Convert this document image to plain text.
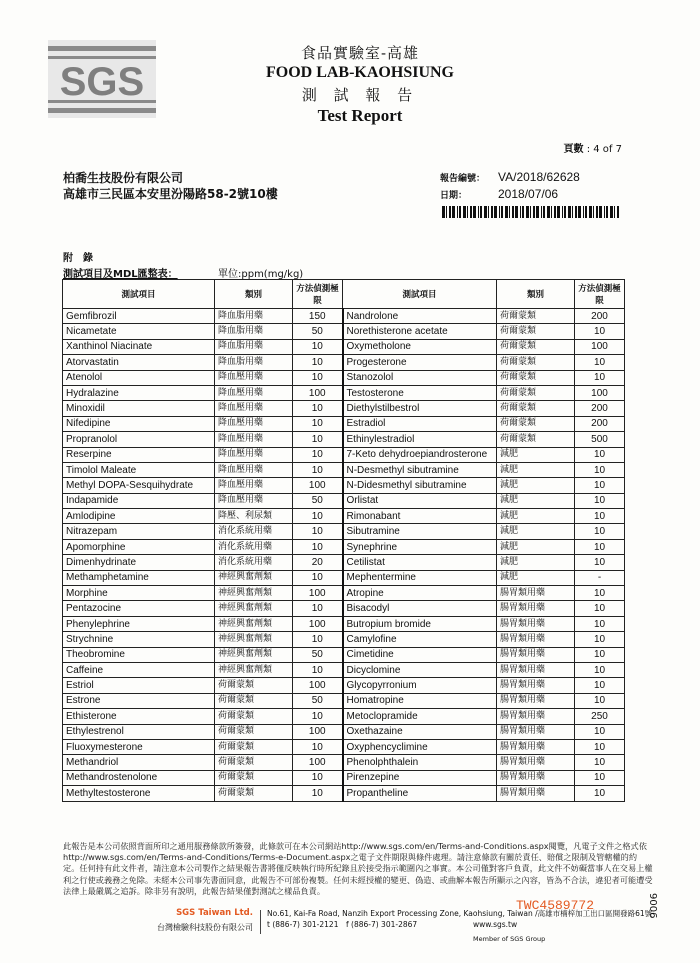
SGS
食品實驗室-高雄
FOOD LAB-KAOHSIUNG
測 試 報 告
Test Report
頁數 : 4 of 7
柏喬生技股份有限公司
高雄市三民區本安里汾陽路58-2號10樓
報告編號： VA/2018/62628
日期：	2018/07/06
附　錄
測試項目及MDL匯整表：	單位:ppm(mg/kg)
測試項目	類別	方法偵測極限	測試項目	類別	方法偵測極限
Gemfibrozil	降血脂用藥	150	Nandrolone	荷爾蒙類	200
Nicametate	降血脂用藥	50	Norethisterone acetate	荷爾蒙類	10
Xanthinol Niacinate	降血脂用藥	10	Oxymetholone	荷爾蒙類	100
Atorvastatin	降血脂用藥	10	Progesterone	荷爾蒙類	10
Atenolol	降血壓用藥	10	Stanozolol	荷爾蒙類	10
Hydralazine	降血壓用藥	100	Testosterone	荷爾蒙類	100
Minoxidil	降血壓用藥	10	Diethylstilbestrol	荷爾蒙類	200
Nifedipine	降血壓用藥	10	Estradiol	荷爾蒙類	200
Propranolol	降血壓用藥	10	Ethinylestradiol	荷爾蒙類	500
Reserpine	降血壓用藥	10	7-Keto dehydroepiandrosterone	減肥	10
Timolol Maleate	降血壓用藥	10	N-Desmethyl sibutramine	減肥	10
Methyl DOPA-Sesquihydrate	降血壓用藥	100	N-Didesmethyl sibutramine	減肥	10
Indapamide	降血壓用藥	50	Orlistat	減肥	10
Amlodipine	降壓、利尿類	10	Rimonabant	減肥	10
Nitrazepam	消化系統用藥	10	Sibutramine	減肥	10
Apomorphine	消化系統用藥	10	Synephrine	減肥	10
Dimenhydrinate	消化系統用藥	20	Cetilistat	減肥	10
Methamphetamine	神經興奮劑類	10	Mephentermine	減肥	-
Morphine	神經興奮劑類	100	Atropine	腸胃類用藥	10
Pentazocine	神經興奮劑類	10	Bisacodyl	腸胃類用藥	10
Phenylephrine	神經興奮劑類	100	Butropium bromide	腸胃類用藥	10
Strychnine	神經興奮劑類	10	Camylofine	腸胃類用藥	10
Theobromine	神經興奮劑類	50	Cimetidine	腸胃類用藥	10
Caffeine	神經興奮劑類	10	Dicyclomine	腸胃類用藥	10
Estriol	荷爾蒙類	100	Glycopyrronium	腸胃類用藥	10
Estrone	荷爾蒙類	50	Homatropine	腸胃類用藥	10
Ethisterone	荷爾蒙類	10	Metoclopramide	腸胃類用藥	250
Ethylestrenol	荷爾蒙類	100	Oxethazaine	腸胃類用藥	10
Fluoxymesterone	荷爾蒙類	10	Oxyphencyclimine	腸胃類用藥	10
Methandriol	荷爾蒙類	100	Phenolphthalein	腸胃類用藥	10
Methandrostenolone	荷爾蒙類	10	Pirenzepine	腸胃類用藥	10
Methyltestosterone	荷爾蒙類	10	Propantheline	腸胃類用藥	10
此報告是本公司依照背面所印之通用服務條款所簽發，此條款可在本公司網站http://www.sgs.com/en/Terms-and-Conditions.aspx閱覽，凡電子文件之格式依http://www.sgs.com/en/Terms-and-Conditions/Terms-e-Document.aspx之電子文件期限與條件處理。請注意條款有關於責任、賠償之限制及管轄權的約定。任何持有此文件者，請注意本公司製作之結果報告書將僅反映執行時所紀錄且於接受指示範圍內之事實。本公司僅對客戶負責，此文件不妨礙當事人在交易上權利之行使或義務之免除。未經本公司事先書面同意，此報告不可部份複製。任何未經授權的變更、偽造、或曲解本報告所顯示之內容，皆為不合法，違犯者可能遭受法律上最嚴厲之追訴。除非另有說明，此報告結果僅對測試之樣品負責。
SGS Taiwan Ltd.
台灣檢驗科技股份有限公司
No.61, Kai-Fa Road, Nanzih Export Processing Zone, Kaohsiung, Taiwan /高雄市楠梓加工出口區開發路61號
t (886-7) 301-2121 f (886-7) 301-2867	www.sgs.tw
Member of SGS Group
TWC4589772	9006
